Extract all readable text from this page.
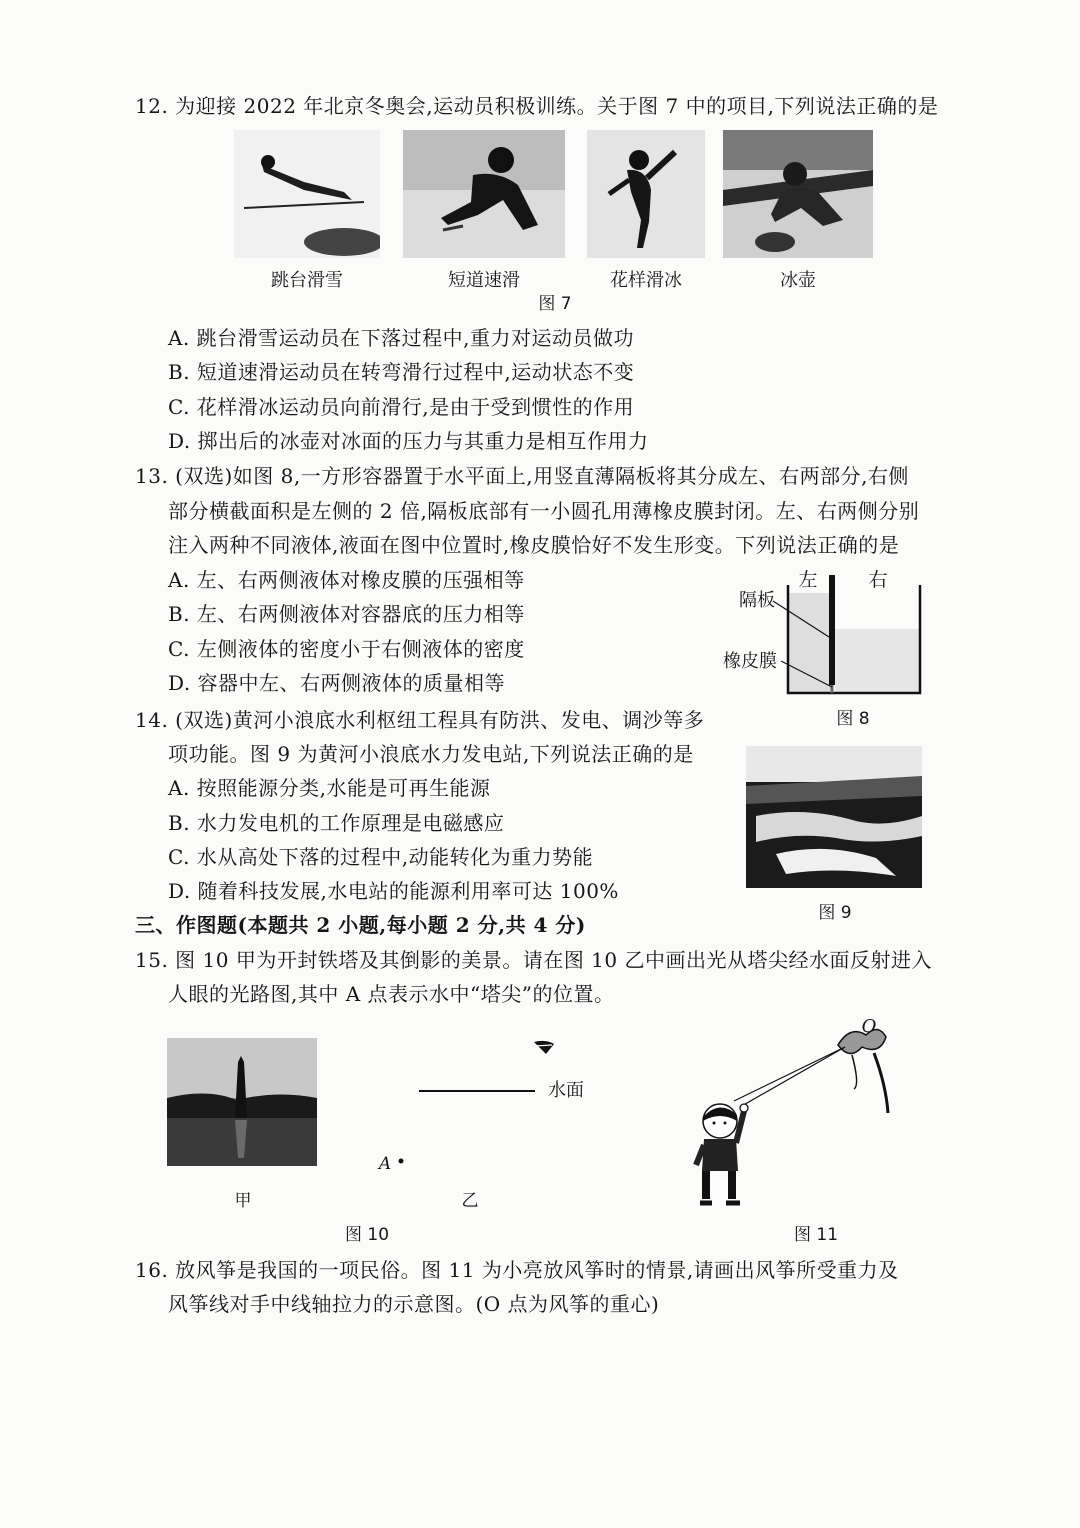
12. 为迎接 2022 年北京冬奥会,运动员积极训练。关于图 7 中的项目,下列说法正确的是
跳台滑雪	短道速滑	花样滑冰	冰壶
图 7
A. 跳台滑雪运动员在下落过程中,重力对运动员做功
B. 短道速滑运动员在转弯滑行过程中,运动状态不变
C. 花样滑冰运动员向前滑行,是由于受到惯性的作用
D. 掷出后的冰壶对冰面的压力与其重力是相互作用力
13. (双选)如图 8,一方形容器置于水平面上,用竖直薄隔板将其分成左、右两部分,右侧
部分横截面积是左侧的 2 倍,隔板底部有一小圆孔用薄橡皮膜封闭。左、右两侧分别
注入两种不同液体,液面在图中位置时,橡皮膜恰好不发生形变。下列说法正确的是
A. 左、右两侧液体对橡皮膜的压强相等
B. 左、右两侧液体对容器底的压力相等
C. 左侧液体的密度小于右侧液体的密度
D. 容器中左、右两侧液体的质量相等
左	右
隔板
橡皮膜
图 8
14. (双选)黄河小浪底水利枢纽工程具有防洪、发电、调沙等多
项功能。图 9 为黄河小浪底水力发电站,下列说法正确的是
A. 按照能源分类,水能是可再生能源
B. 水力发电机的工作原理是电磁感应
C. 水从高处下落的过程中,动能转化为重力势能
D. 随着科技发展,水电站的能源利用率可达 100%
图 9
三、作图题(本题共 2 小题,每小题 2 分,共 4 分)
15. 图 10 甲为开封铁塔及其倒影的美景。请在图 10 乙中画出光从塔尖经水面反射进入
人眼的光路图,其中 A 点表示水中“塔尖”的位置。
甲
水面
A
乙
图 10
O
图 11
16. 放风筝是我国的一项民俗。图 11 为小亮放风筝时的情景,请画出风筝所受重力及
风筝线对手中线轴拉力的示意图。(O 点为风筝的重心)
